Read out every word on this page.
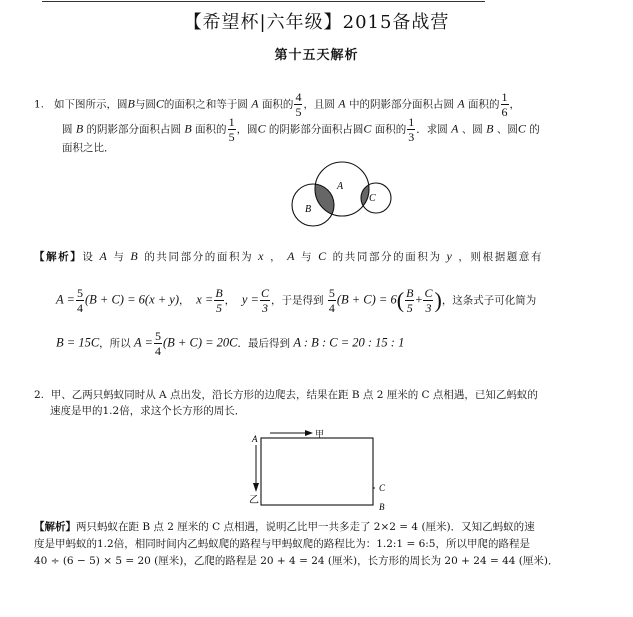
【希望杯|六年级】2015备战营
第十五天解析
1. 如下图所示，圆B与圆C的面积之和等于圆 A 面积的 $\frac{4}{5}$ ，且圆 A 中的阴影部分面积占圆 A 面积的 $\frac{1}{6}$ ，
圆 B 的阴影部分面积占圆 B 面积的 $\frac{1}{5}$ ，圆C 的阴影部分面积占圆C 面积的 $\frac{1}{3}$ ．求圆 A 、圆 B 、圆C 的
面积之比．
A
B
C
【解析】设 A 与 B 的共同部分的面积为 x ， A 与 C 的共同部分的面积为 y ，则根据题意有
$A = \frac{5}{4} (B + C) = 6(x + y)$，  $x = \frac{B}{5}$ ，  $y = \frac{C}{3}$ ，于是得到 $\frac{5}{4} (B + C) = 6( \frac{B}{5} + \frac{C}{3}$ )，这条式子可化简为
B = 15C，所以 $A = \frac{5}{4} (B + C) = 20C$．最后得到 A : B : C = 20 : 15 : 1
2. 甲、乙两只蚂蚁同时从 A 点出发，沿长方形的边爬去，结果在距 B 点 2 厘米的 C 点相遇，已知乙蚂蚁的
速度是甲的1.2倍，求这个长方形的周长．
A	甲
乙
C
B
【解析】两只蚂蚁在距 B 点 2 厘米的 C 点相遇，说明乙比甲一共多走了 2×2 = 4 (厘米)．又知乙蚂蚁的速
度是甲蚂蚁的1.2倍，相同时间内乙蚂蚁爬的路程与甲蚂蚁爬的路程比为：1.2:1 = 6:5，所以甲爬的路程是
40 ÷ (6 − 5) × 5 = 20 (厘米)，乙爬的路程是 20 + 4 = 24 (厘米)，长方形的周长为 20 + 24 = 44 (厘米)．
